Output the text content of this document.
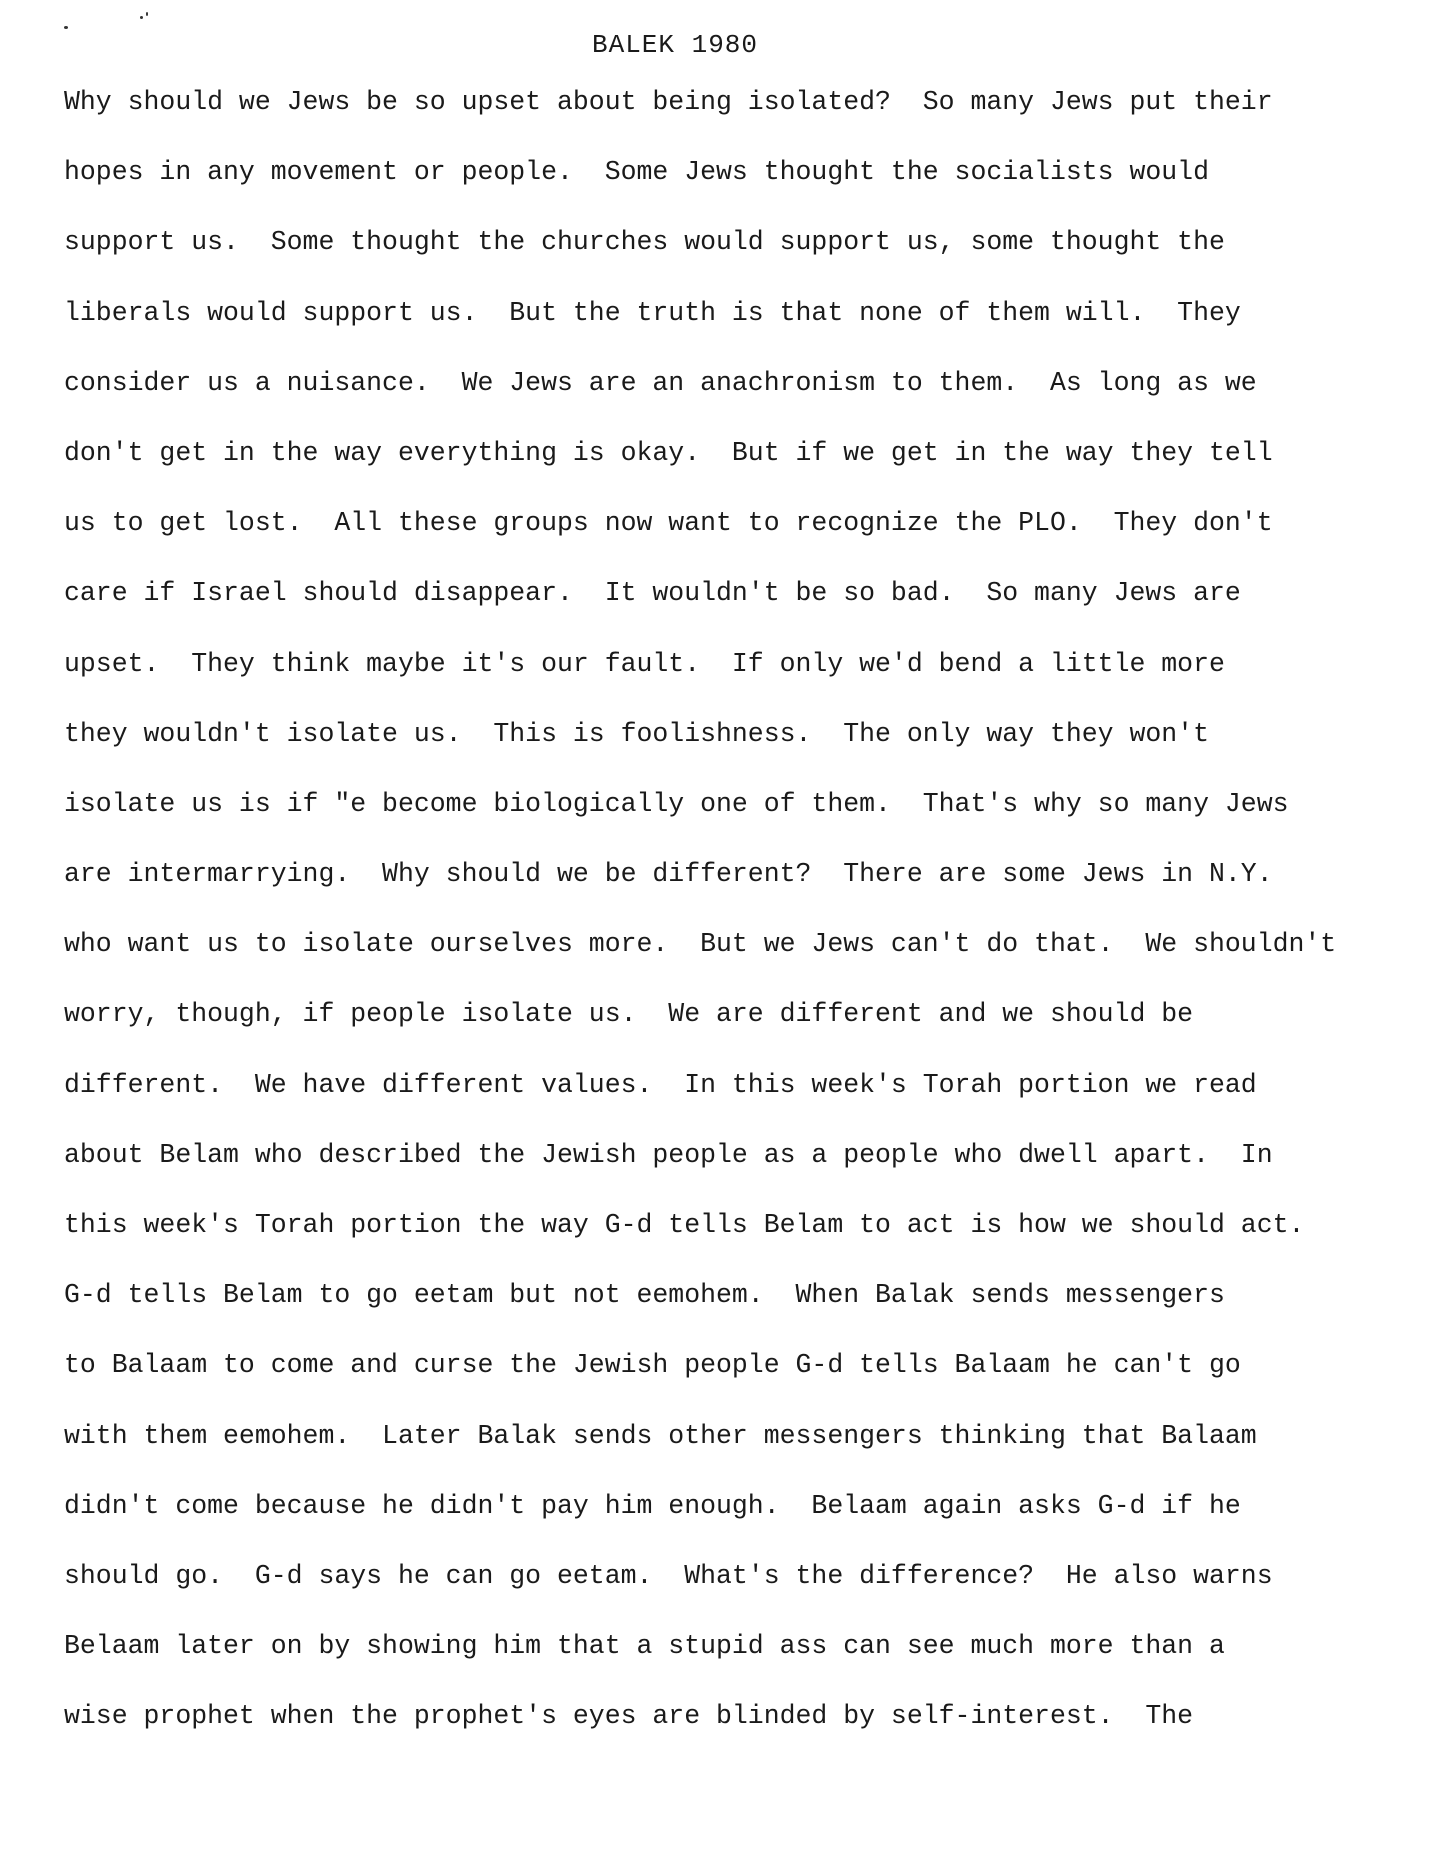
BALEK 1980
Why should we Jews be so upset about being isolated?  So many Jews put their
hopes in any movement or people.  Some Jews thought the socialists would
support us.  Some thought the churches would support us, some thought the
liberals would support us.  But the truth is that none of them will.  They
consider us a nuisance.  We Jews are an anachronism to them.  As long as we
don't get in the way everything is okay.  But if we get in the way they tell
us to get lost.  All these groups now want to recognize the PLO.  They don't
care if Israel should disappear.  It wouldn't be so bad.  So many Jews are
upset.  They think maybe it's our fault.  If only we'd bend a little more
they wouldn't isolate us.  This is foolishness.  The only way they won't
isolate us is if "e become biologically one of them.  That's why so many Jews
are intermarrying.  Why should we be different?  There are some Jews in N.Y.
who want us to isolate ourselves more.  But we Jews can't do that.  We shouldn't
worry, though, if people isolate us.  We are different and we should be
different.  We have different values.  In this week's Torah portion we read
about Belam who described the Jewish people as a people who dwell apart.  In
this week's Torah portion the way G-d tells Belam to act is how we should act.
G-d tells Belam to go eetam but not eemohem.  When Balak sends messengers
to Balaam to come and curse the Jewish people G-d tells Balaam he can't go
with them eemohem.  Later Balak sends other messengers thinking that Balaam
didn't come because he didn't pay him enough.  Belaam again asks G-d if he
should go.  G-d says he can go eetam.  What's the difference?  He also warns
Belaam later on by showing him that a stupid ass can see much more than a
wise prophet when the prophet's eyes are blinded by self-interest.  The
